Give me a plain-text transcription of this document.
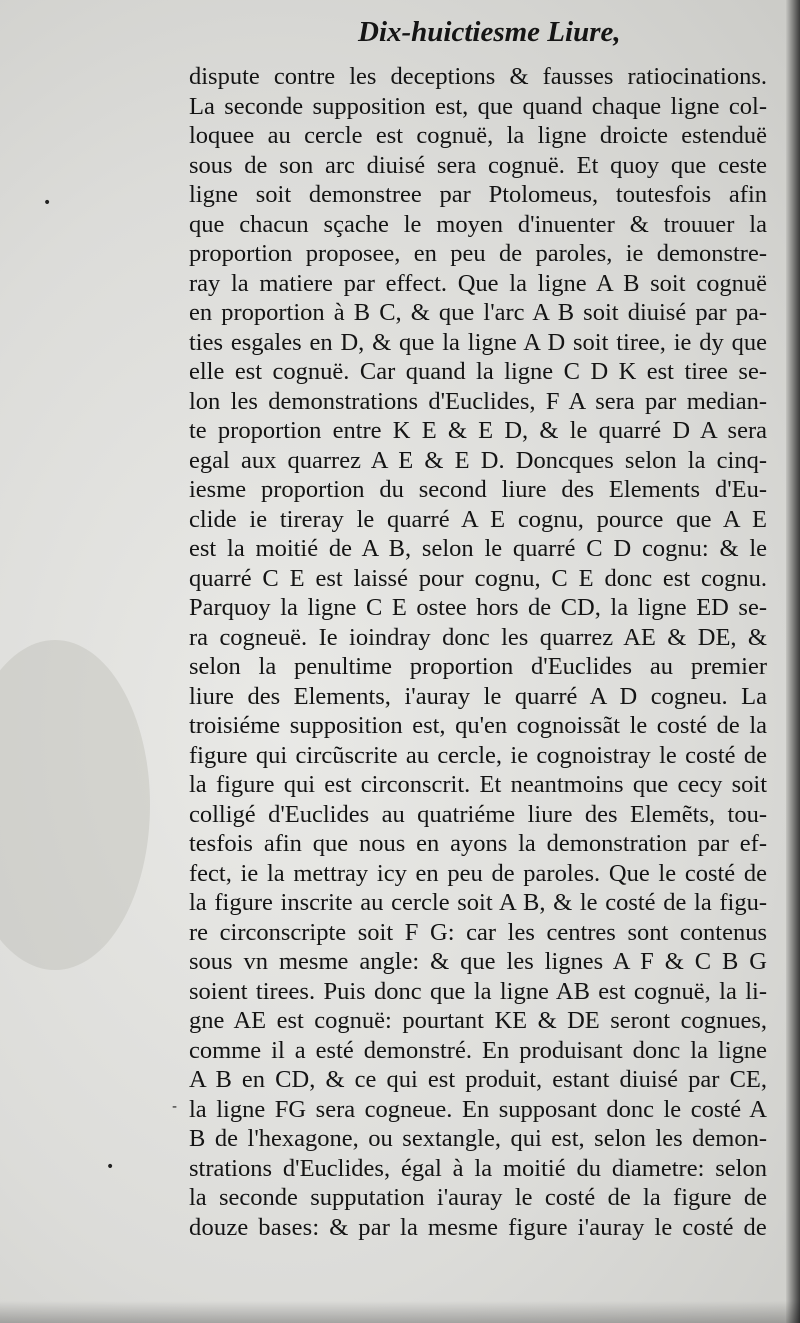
Dix-huictiesme Liure,
dispute contre les deceptions & fausses ratiocinations.
La seconde supposition est, que quand chaque ligne col-
loquee au cercle est cognuë, la ligne droicte estenduë
sous de son arc diuisé sera cognuë. Et quoy que ceste
ligne soit demonstree par Ptolomeus, toutesfois afin
que chacun sçache le moyen d'inuenter & trouuer la
proportion proposee, en peu de paroles, ie demonstre-
ray la matiere par effect. Que la ligne A B soit cognuë
en proportion à B C, & que l'arc A B soit diuisé par pa-
ties esgales en D, & que la ligne A D soit tiree, ie dy que
elle est cognuë. Car quand la ligne C D K est tiree se-
lon les demonstrations d'Euclides, F A sera par median-
te proportion entre K E & E D, & le quarré D A sera
egal aux quarrez A E & E D. Doncques selon la cinq-
iesme proportion du second liure des Elements d'Eu-
clide ie tireray le quarré A E cognu, pource que A E
est la moitié de A B, selon le quarré C D cognu: & le
quarré C E est laissé pour cognu, C E donc est cognu.
Parquoy la ligne C E ostee hors de CD, la ligne ED se-
ra cogneuë. Ie ioindray donc les quarrez AE & DE, &
selon la penultime proportion d'Euclides au premier
liure des Elements, i'auray le quarré A D cogneu. La
troisiéme supposition est, qu'en cognoissãt le costé de la
figure qui circũscrite au cercle, ie cognoistray le costé de
la figure qui est circonscrit. Et neantmoins que cecy soit
colligé d'Euclides au quatriéme liure des Elemẽts, tou-
tesfois afin que nous en ayons la demonstration par ef-
fect, ie la mettray icy en peu de paroles. Que le costé de
la figure inscrite au cercle soit A B, & le costé de la figu-
re circonscripte soit F G: car les centres sont contenus
sous vn mesme angle: & que les lignes A F & C B G
soient tirees. Puis donc que la ligne AB est cognuë, la li-
gne AE est cognuë: pourtant KE & DE seront cognues,
comme il a esté demonstré. En produisant donc la ligne
A B en CD, & ce qui est produit, estant diuisé par CE,
la ligne FG sera cogneue. En supposant donc le costé A
B de l'hexagone, ou sextangle, qui est, selon les demon-
strations d'Euclides, égal à la moitié du diametre: selon
la seconde supputation i'auray le costé de la figure de
douze bases: & par la mesme figure i'auray le costé de
•
-
•
